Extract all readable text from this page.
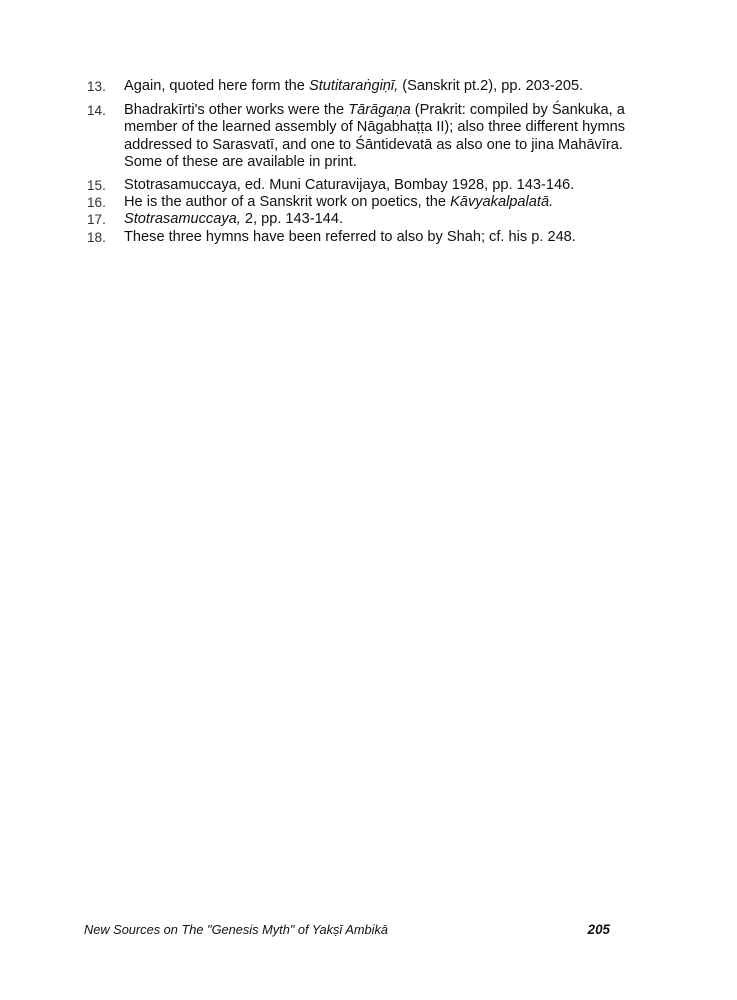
13.	Again, quoted here form the Stutitaraṅgiṇī, (Sanskrit pt.2), pp. 203-205.
14.	Bhadrakīrti's other works were the Tārāgaṇa (Prakrit: compiled by Śankuka, a member of the learned assembly of Nāgabhaṭṭa II); also three different hymns addressed to Sarasvatī, and one to Śāntidevatā as also one to jina Mahāvīra. Some of these are available in print.
15.	Stotrasamuccaya, ed. Muni Caturavijaya, Bombay 1928, pp. 143-146.
16.	He is the author of a Sanskrit work on poetics, the Kāvyakalpalatā.
17.	Stotrasamuccaya, 2, pp. 143-144.
18.	These three hymns have been referred to also by Shah; cf. his p. 248.
New Sources on The "Genesis Myth" of Yakṣī Ambikā	205
